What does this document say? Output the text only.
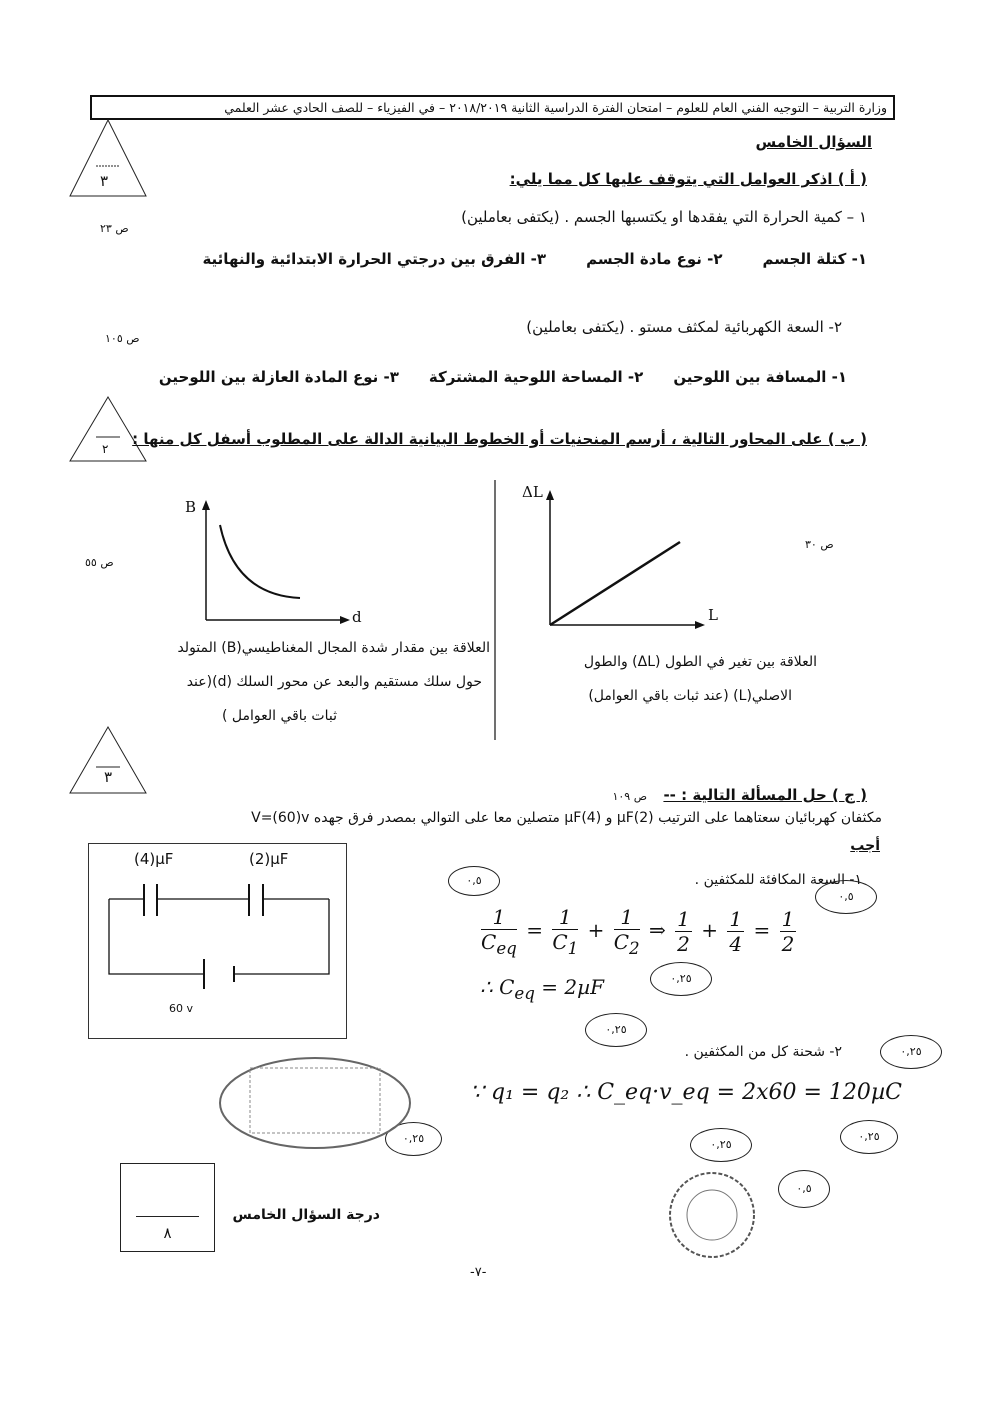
وزارة التربية – التوجيه الفني العام للعلوم – امتحان الفترة الدراسية الثانية ٢٠١٨/٢٠١٩ – في الفيزياء – للصف الحادي عشر العلمي
السؤال الخامس
٣	( أ ) اذكر العوامل التي يتوقف عليها كل مما يلي:
١ – كمية الحرارة التي يفقدها او يكتسبها الجسم . (يكتفى بعاملين)
ص ٢٣
١- كتلة الجسم
٢- نوع مادة الجسم
٣- الفرق بين درجتي الحرارة الابتدائية والنهائية
٢- السعة الكهربائية لمكثف مستو . (يكتفى بعاملين)
ص ١٠٥
١- المسافة بين اللوحين
٢- المساحة اللوحية المشتركة
٣- نوع المادة العازلة بين اللوحين
٢
( ب ) على المحاور التالية ، أرسم المنحنيات أو الخطوط البيانية الدالة على المطلوب أسفل كل منها :
B
d
ΔL
L
ص ٥٥
ص ٣٠
العلاقة بين مقدار شدة المجال المغناطيسي(B) المتولد
حول سلك مستقيم والبعد عن محور السلك (d)(عند
ثبات باقي العوامل )
العلاقة بين تغير في الطول (ΔL) والطول
الاصلي(L) (عند ثبات باقي العوامل)
٣
( ج ) حل المسألة التالية : --
ص ١٠٩
مكثفان كهربائيان سعتاهما على الترتيب µF(2) و µF(4) متصلين معا على التوالي بمصدر فرق جهده V=(60)v
أجب
(4)µF	(2)µF
60 v
١- السعة المكافئة للمكثفين .
$\frac{1}{C_{eq}} = \frac{1}{C_1} + \frac{1}{C_2}$ ⇒ $\frac{1}{2} + \frac{1}{4} = \frac{1}{2}$
∴ $C_{eq} = 2\mu F$
٢- شحنة كل من المكثفين .
∵ q₁ = q₂ ∴ C_eq·v_eq = 2x60 = 120µC
٠,٥
٠,٥
٠,٢٥
٠,٢٥
٠,٢٥
٠,٢٥
٠,٢٥
٠,٢٥
٠,٥
٨
درجة السؤال الخامس
-٧-
